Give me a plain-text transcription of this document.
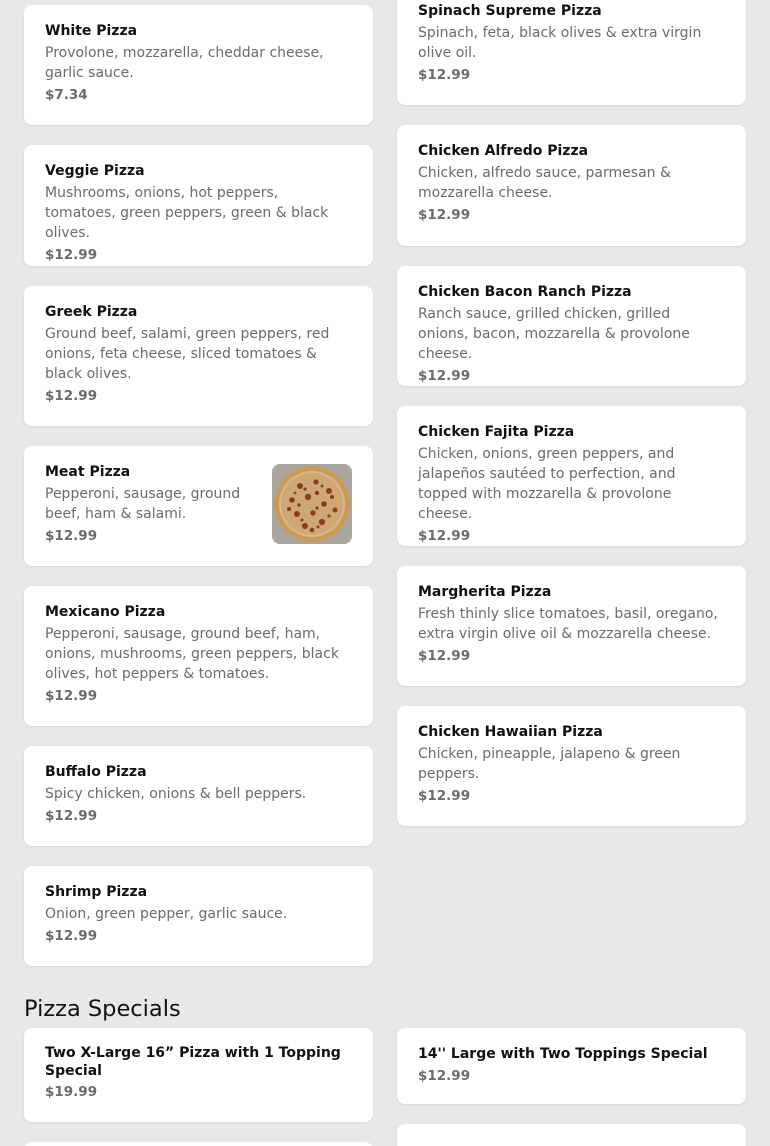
White Pizza
Provolone, mozzarella, cheddar cheese, garlic sauce.
$7.34
Veggie Pizza
Mushrooms, onions, hot peppers, tomatoes, green peppers, green & black olives.
$12.99
Greek Pizza
Ground beef, salami, green peppers, red onions, feta cheese, sliced tomatoes & black olives.
$12.99
Meat Pizza
Pepperoni, sausage, ground beef, ham & salami.
$12.99
Mexicano Pizza
Pepperoni, sausage, ground beef, ham, onions, mushrooms, green peppers, black olives, hot peppers & tomatoes.
$12.99
Buffalo Pizza
Spicy chicken, onions & bell peppers.
$12.99
Shrimp Pizza
Onion, green pepper, garlic sauce.
$12.99
Spinach Supreme Pizza
Spinach, feta, black olives & extra virgin olive oil.
$12.99
Chicken Alfredo Pizza
Chicken, alfredo sauce, parmesan & mozzarella cheese.
$12.99
Chicken Bacon Ranch Pizza
Ranch sauce, grilled chicken, grilled onions, bacon, mozzarella & provolone cheese.
$12.99
Chicken Fajita Pizza
Chicken, onions, green peppers, and jalapeños sautéed to perfection, and topped with mozzarella & provolone cheese.
$12.99
Margherita Pizza
Fresh thinly slice tomatoes, basil, oregano, extra virgin olive oil & mozzarella cheese.
$12.99
Chicken Hawaiian Pizza
Chicken, pineapple, jalapeno & green peppers.
$12.99
Pizza Specials
Two X-Large 16” Pizza with 1 Topping Special
$19.99
14'' Large with Two Toppings Special
$12.99
